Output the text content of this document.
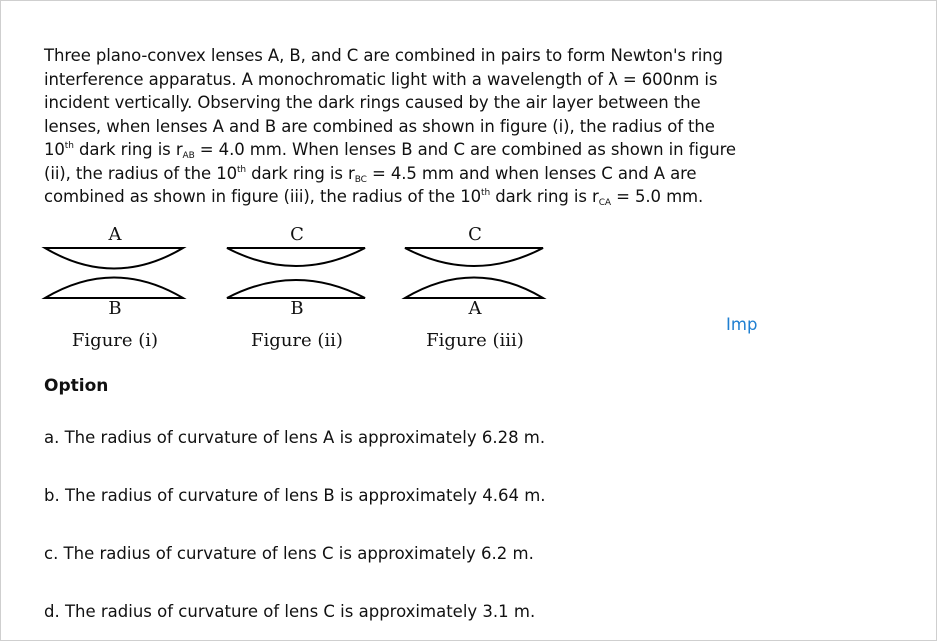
Three plano-convex lenses A, B, and C are combined in pairs to form Newton's ring interference apparatus. A monochromatic light with a wavelength of λ = 600nm is incident vertically. Observing the dark rings caused by the air layer between the lenses, when lenses A and B are combined as shown in figure (i), the radius of the 10th dark ring is $r_{AB} = 4.0$ mm. When lenses B and C are combined as shown in figure (ii), the radius of the 10th dark ring is $r_{BC} = 4.5$ mm and when lenses C and A are combined as shown in figure (iii), the radius of the 10th dark ring is $r_{CA} = 5.0$ mm.

A
B
Figure (i)
C
B
Figure (ii)
C
A
Figure (iii)
Imp
Option
a. The radius of curvature of lens A is approximately 6.28 m.
b. The radius of curvature of lens B is approximately 4.64 m.
c. The radius of curvature of lens C is approximately 6.2 m.
d. The radius of curvature of lens C is approximately 3.1 m.
